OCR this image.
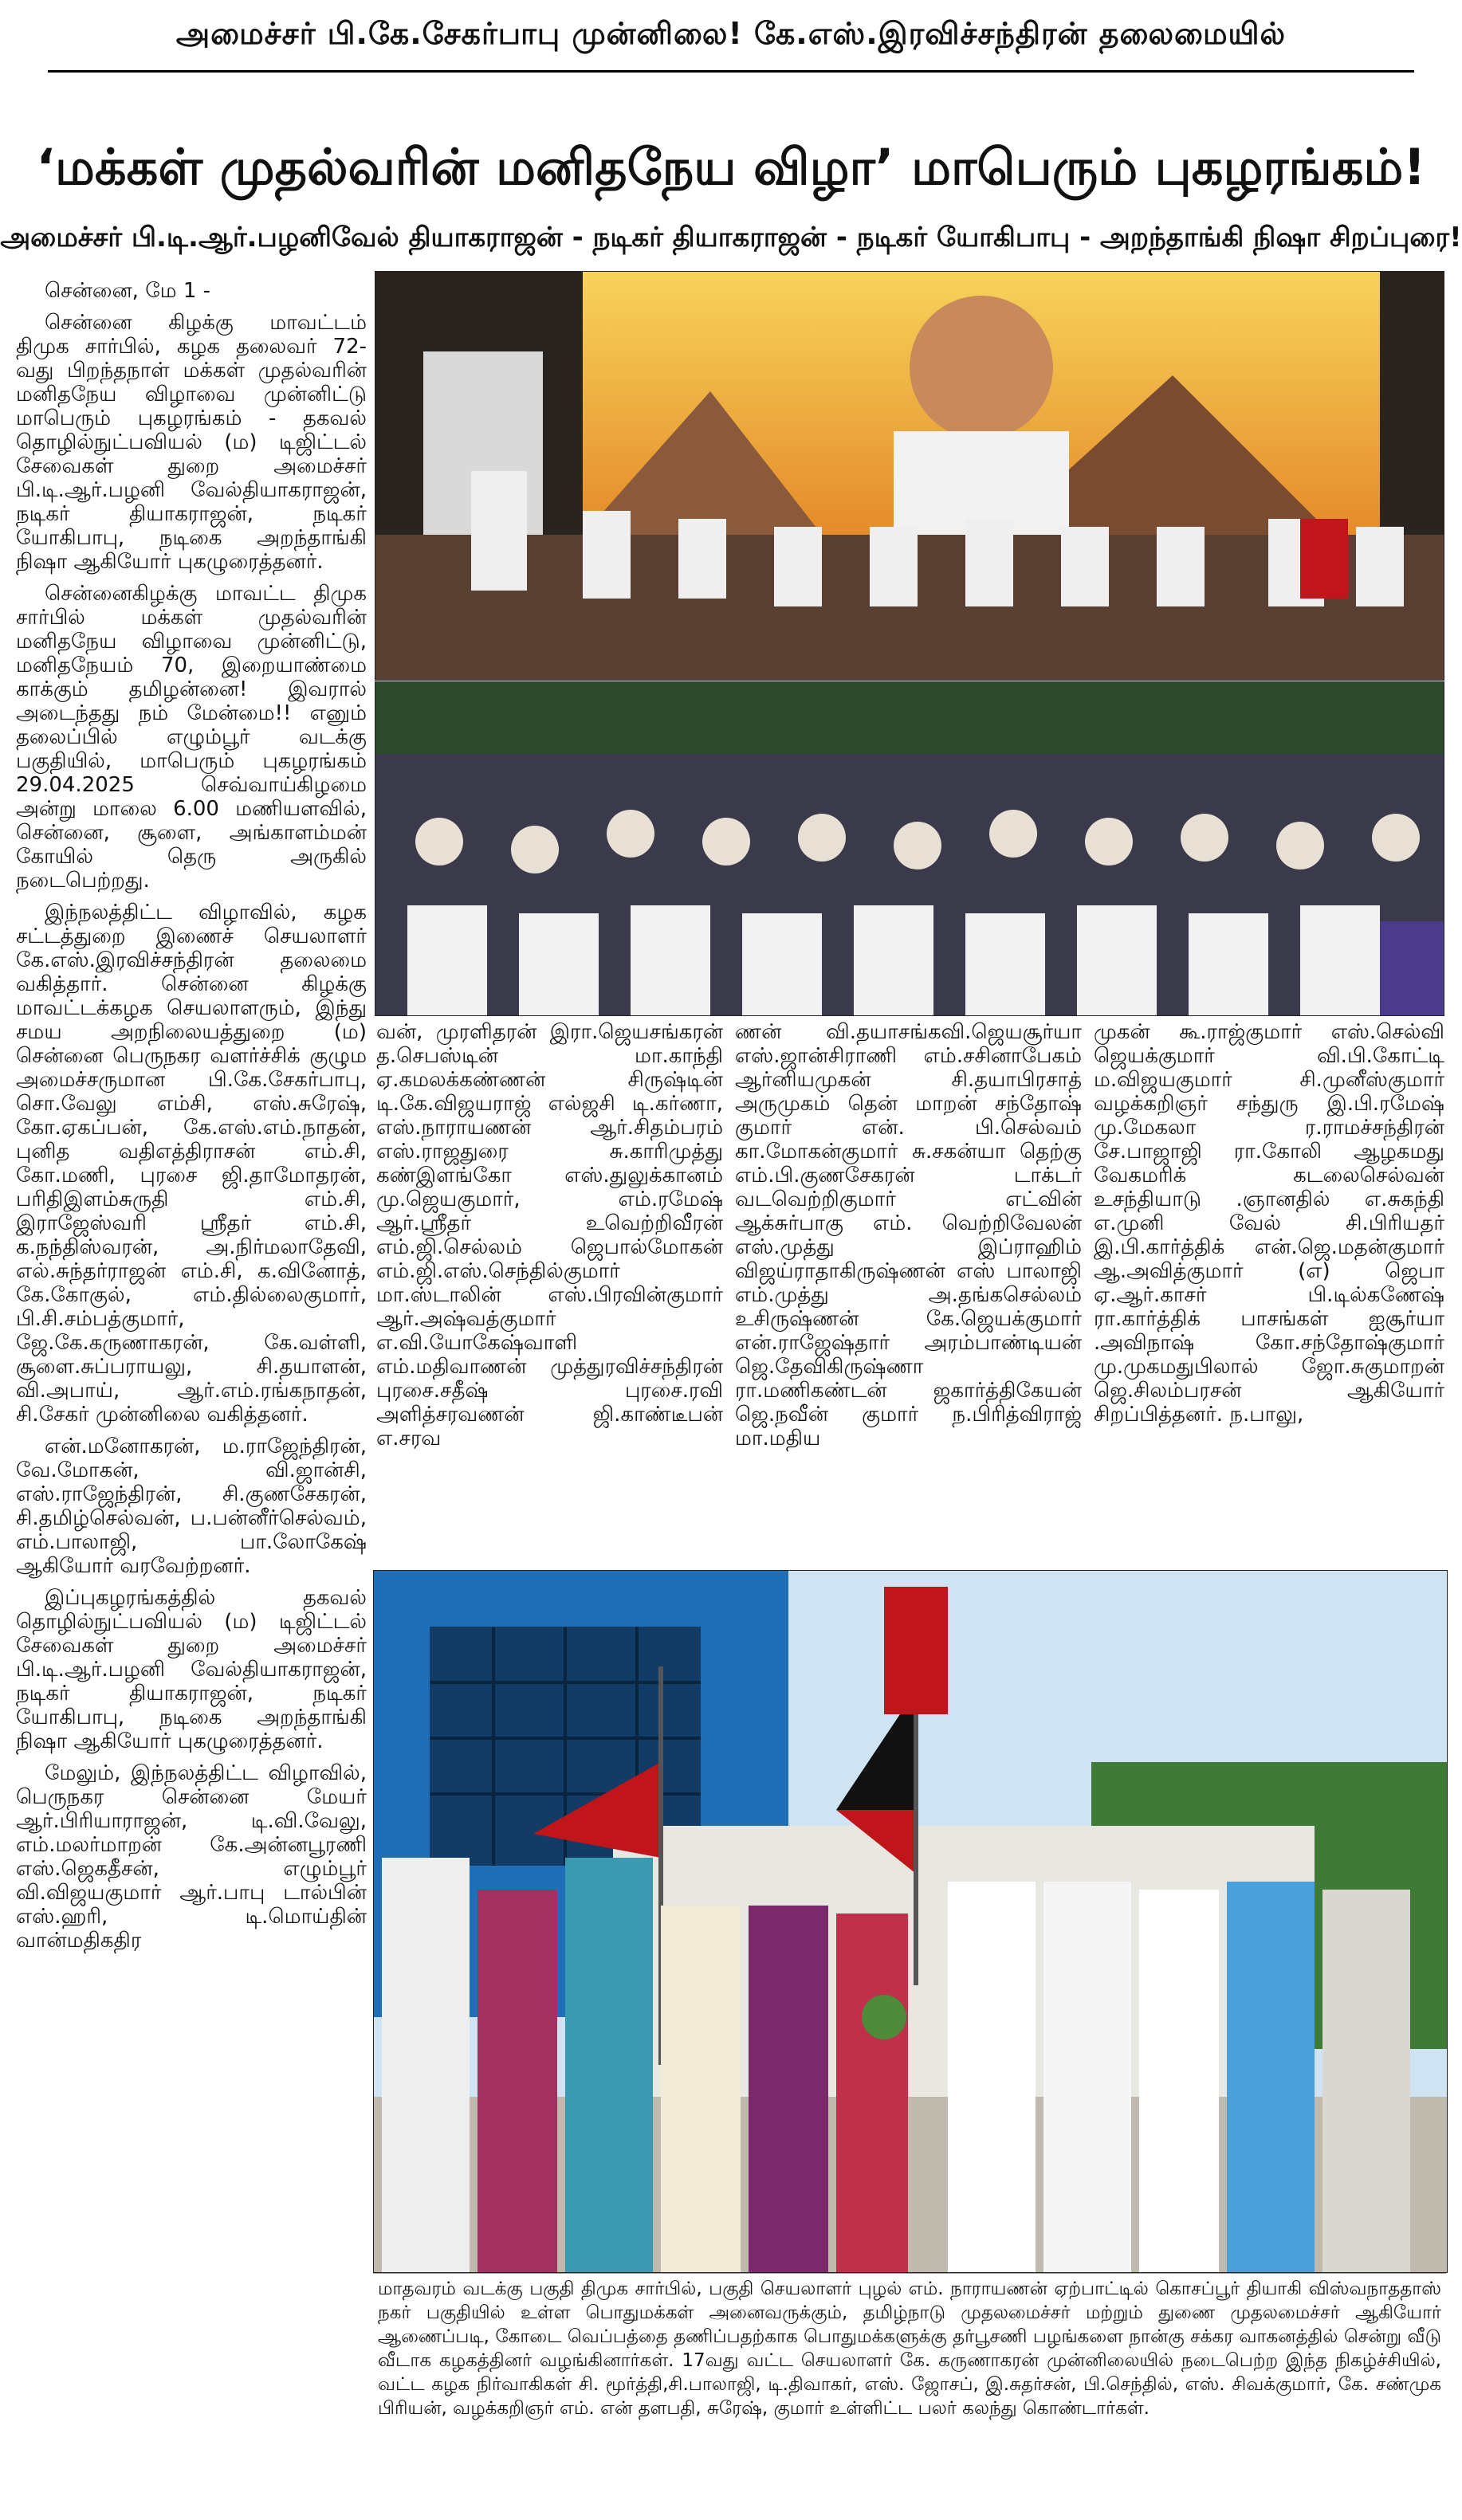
அமைச்சர் பி.கே.சேகர்பாபு முன்னிலை! கே.எஸ்.இரவிச்சந்திரன் தலைமையில்
‘மக்கள் முதல்வரின் மனிதநேய விழா’ மாபெரும் புகழரங்கம்!
அமைச்சர் பி.டி.ஆர்.பழனிவேல் தியாகராஜன் - நடிகர் தியாகராஜன் - நடிகர் யோகிபாபு - அறந்தாங்கி நிஷா சிறப்புரை!

சென்னை, மே 1 -

சென்னை கிழக்கு மாவட்டம் திமுக சார்பில், கழக தலைவர் 72-வது பிறந்தநாள் மக்கள் முதல்வரின் மனிதநேய விழாவை முன்னிட்டு மாபெரும் புகழரங்கம் - தகவல் தொழில்நுட்பவியல் (ம) டிஜிட்டல் சேவைகள் துறை அமைச்சர் பி.டி.ஆர்.பழனி வேல்தியாகராஜன், நடிகர் தியாகராஜன், நடிகர் யோகிபாபு, நடிகை அறந்தாங்கி நிஷா ஆகியோர் புகழுரைத்தனர்.

சென்னைகிழக்கு மாவட்ட திமுக சார்பில் மக்கள் முதல்வரின் மனிதநேய விழாவை முன்னிட்டு, மனிதநேயம் 70, இறையாண்மை காக்கும் தமிழன்னை! இவரால் அடைந்தது நம் மேன்மை!! எனும் தலைப்பில் எழும்பூர் வடக்கு பகுதியில், மாபெரும் புகழரங்கம் 29.04.2025 செவ்வாய்கிழமை அன்று மாலை 6.00 மணியளவில், சென்னை, சூளை, அங்காளம்மன் கோயில் தெரு அருகில் நடைபெற்றது.

இந்நலத்திட்ட விழாவில், கழக சட்டத்துறை இணைச் செயலாளர் கே.எஸ்.இரவிச்சந்திரன் தலைமை வகித்தார். சென்னை கிழக்கு மாவட்டக்கழக செயலாளரும், இந்து சமய அறநிலையத்துறை (ம) சென்னை பெருநகர வளர்ச்சிக் குழும அமைச்சருமான பி.கே.சேகர்பாபு, சொ.வேலு எம்சி, எஸ்.சுரேஷ், கோ.ஏகப்பன், கே.எஸ்.எம்.நாதன், புனித வதிஎத்திராசன் எம்.சி, கோ.மணி, புரசை ஜி.தாமோதரன், பரிதிஇளம்சுருதி எம்.சி, இராஜேஸ்வரி ஸ்ரீதர் எம்.சி, க.நந்திஸ்வரன், அ.நிர்மலாதேவி, எல்.சுந்தர்ராஜன் எம்.சி, க.வினோத், கே.கோகுல், எம்.தில்லைகுமார், பி.சி.சம்பத்குமார், ஜே.கே.கருணாகரன், கே.வள்ளி, சூளை.சுப்பராயலு, சி.தயாளன், வி.அபாய், ஆர்.எம்.ரங்கநாதன், சி.சேகர் முன்னிலை வகித்தனர்.

என்.மனோகரன், ம.ராஜேந்திரன், வே.மோகன், வி.ஜான்சி, எஸ்.ராஜேந்திரன், சி.குணசேகரன், சி.தமிழ்செல்வன், ப.பன்னீர்செல்வம், எம்.பாலாஜி, பா.லோகேஷ் ஆகியோர் வரவேற்றனர்.

இப்புகழரங்கத்தில் தகவல் தொழில்நுட்பவியல் (ம) டிஜிட்டல் சேவைகள் துறை அமைச்சர் பி.டி.ஆர்.பழனி வேல்தியாகராஜன், நடிகர் தியாகராஜன், நடிகர் யோகிபாபு, நடிகை அறந்தாங்கி நிஷா ஆகியோர் புகழுரைத்தனர்.

மேலும், இந்நலத்திட்ட விழாவில், பெருநகர சென்னை மேயர் ஆர்.பிரியாராஜன், டி.வி.வேலு, எம்.மலர்மாறன் கே.அன்னபூரணி எஸ்.ஜெகதீசன், எழும்பூர் வி.விஜயகுமார் ஆர்.பாபு டால்பின் எஸ்.ஹரி, டி.மொய்தின் வான்மதிகதிர

வன், முரளிதரன் இரா.ஜெயசங்கரன் த.செபஸ்டின் மா.காந்தி ஏ.கமலக்கண்ணன் சிருஷ்டின் டி.கே.விஜயராஜ் எல்ஜசி டி.கர்ணா, எஸ்.நாராயணன் ஆர்.சிதம்பரம் எஸ்.ராஜதுரை சு.காரிமுத்து கண்இளங்கோ எஸ்.துலுக்கானம் மு.ஜெயகுமார், எம்.ரமேஷ் ஆர்.ஸ்ரீதர் உவெற்றிவீரன் எம்.ஜி.செல்லம் ஜெபால்மோகன் எம்.ஜி.எஸ்.செந்தில்குமார் மா.ஸ்டாலின் எஸ்.பிரவின்குமார் ஆர்.அஷ்வத்குமார் எ.வி.யோகேஷ்வாளி எம்.மதிவாணன் முத்துரவிச்சந்திரன் புரசை.சதீஷ் புரசை.ரவி அளித்சரவணன் ஜி.காண்டீபன் எ.சரவ

ணன் வி.தயாசங்கவி.ஜெயசூர்யா எஸ்.ஜான்சிராணி எம்.சசினாபேகம் ஆர்னியமுகன் சி.தயாபிரசாத் அருமுகம் தென் மாறன் சந்தோஷ் குமார் என். பி.செல்வம் கா.மோகன்குமார் சு.சகன்யா தெற்கு எம்.பி.குணசேகரன் டாக்டர் வடவெற்றிகுமார் எட்வின் ஆக்சுர்பாகு எம். வெற்றிவேலன் எஸ்.முத்து இப்ராஹிம் விஜய்ராதாகிருஷ்ணன் எஸ் பாலாஜி எம்.முத்து அ.தங்கசெல்லம் உசிருஷ்ணன் கே.ஜெயக்குமார் என்.ராஜேஷ்தார் அரம்பாண்டியன் ஜெ.தேவிகிருஷ்ணா ரா.மணிகண்டன் ஜகார்த்திகேயன் ஜெ.நவீன் குமார் ந.பிரித்விராஜ் மா.மதிய

முகன் கூ.ராஜ்குமார் எஸ்.செல்வி ஜெயக்குமார் வி.பி.கோட்டி ம.விஜயகுமார் சி.முனீஸ்குமார் வழக்கறிஞர் சந்துரு இ.பி.ரமேஷ் மு.மேகலா ர.ராமச்சந்திரன் சே.பாஜாஜி ரா.கோலி ஆழகமது வேகமரிக் கடலைசெல்வன் உசந்தியாடு .ஞானதில் எ.சுகந்தி எ.முனி வேல் சி.பிரியதர் இ.பி.கார்த்திக் என்.ஜெ.மதன்குமார் ஆ.அவித்குமார் (எ) ஜெபா ஏ.ஆர்.காசர் பி.டில்கணேஷ் ரா.கார்த்திக் பாசங்கள் ஐசூர்யா .அவிநாஷ் கோ.சந்தோஷ்குமார் மு.முகமதுபிலால் ஜோ.சுகுமாறன் ஜெ.சிலம்பரசன் ஆகியோர் சிறப்பித்தனர். ந.பாலு,

மாதவரம் வடக்கு பகுதி திமுக சார்பில், பகுதி செயலாளர் புழல் எம். நாராயணன் ஏற்பாட்டில் கொசப்பூர் தியாகி விஸ்வநாததாஸ் நகர் பகுதியில் உள்ள பொதுமக்கள் அனைவருக்கும், தமிழ்நாடு முதலமைச்சர் மற்றும் துணை முதலமைச்சர் ஆகியோர் ஆணைப்படி, கோடை வெப்பத்தை தணிப்பதற்காக பொதுமக்களுக்கு தர்பூசணி பழங்களை நான்கு சக்கர வாகனத்தில் சென்று வீடு வீடாக கழகத்தினர் வழங்கினார்கள். 17வது வட்ட செயலாளர் கே. கருணாகரன் முன்னிலையில் நடைபெற்ற இந்த நிகழ்ச்சியில், வட்ட கழக நிர்வாகிகள் சி. மூர்த்தி,சி.பாலாஜி, டி.திவாகர், எஸ். ஜோசப், இ.சுதர்சன், பி.செந்தில், எஸ். சிவக்குமார், கே. சண்முக பிரியன், வழக்கறிஞர் எம். என் தளபதி, சுரேஷ், குமார் உள்ளிட்ட பலர் கலந்து கொண்டார்கள்.
